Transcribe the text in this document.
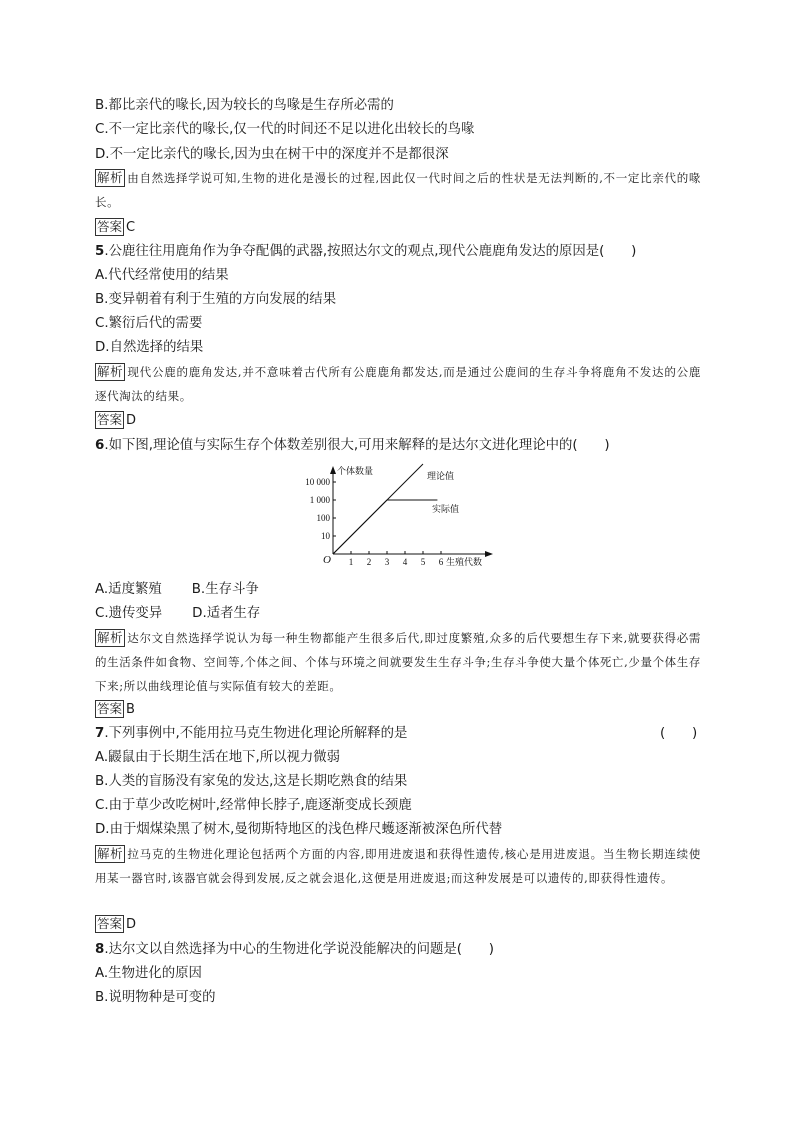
B.都比亲代的喙长,因为较长的鸟喙是生存所必需的
C.不一定比亲代的喙长,仅一代的时间还不足以进化出较长的鸟喙
D.不一定比亲代的喙长,因为虫在树干中的深度并不是都很深
解析 由自然选择学说可知,生物的进化是漫长的过程,因此仅一代时间之后的性状是无法判断的,不一定比亲代的喙长。
答案 C
5.公鹿往往用鹿角作为争夺配偶的武器,按照达尔文的观点,现代公鹿鹿角发达的原因是(　　)
A.代代经常使用的结果
B.变异朝着有利于生殖的方向发展的结果
C.繁衍后代的需要
D.自然选择的结果
解析 现代公鹿的鹿角发达,并不意味着古代所有公鹿鹿角都发达,而是通过公鹿间的生存斗争将鹿角不发达的公鹿逐代淘汰的结果。
答案 D
6.如下图,理论值与实际生存个体数差别很大,可用来解释的是达尔文进化理论中的(　　)
个体数量
生殖代数
O 1 2 3 4 5 6
10
100
1 000
10 000	理论值
实际值
A.适度繁殖 B.生存斗争
C.遗传变异 D.适者生存
解析 达尔文自然选择学说认为每一种生物都能产生很多后代,即过度繁殖,众多的后代要想生存下来,就要获得必需的生活条件如食物、空间等,个体之间、个体与环境之间就要发生生存斗争;生存斗争使大量个体死亡,少量个体生存下来;所以曲线理论值与实际值有较大的差距。
答案 B
7.下列事例中,不能用拉马克生物进化理论所解释的是	(　　)
A.鼹鼠由于长期生活在地下,所以视力微弱
B.人类的盲肠没有家兔的发达,这是长期吃熟食的结果
C.由于草少改吃树叶,经常伸长脖子,鹿逐渐变成长颈鹿
D.由于烟煤染黑了树木,曼彻斯特地区的浅色桦尺蠖逐渐被深色所代替
解析 拉马克的生物进化理论包括两个方面的内容,即用进废退和获得性遗传,核心是用进废退。当生物长期连续使用某一器官时,该器官就会得到发展,反之就会退化,这便是用进废退;而这种发展是可以遗传的,即获得性遗传。
答案 D
8.达尔文以自然选择为中心的生物进化学说没能解决的问题是(　　)
A.生物进化的原因
B.说明物种是可变的
